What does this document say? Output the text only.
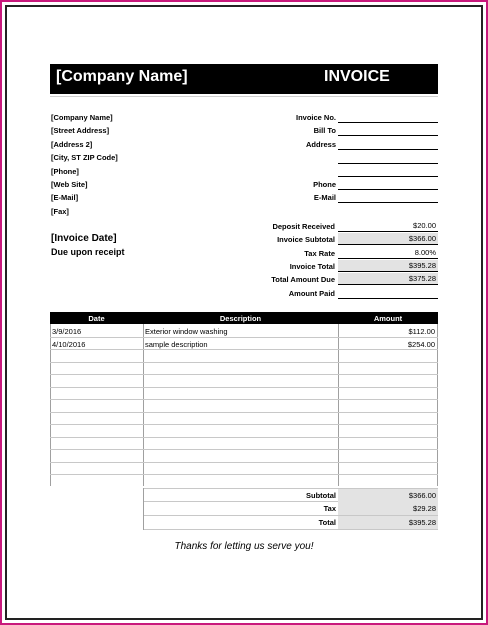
[Company Name]	INVOICE
[Company Name]
[Street Address]
[Address 2]
[City, ST ZIP Code]
[Phone]
[Web Site]
[E-Mail]
[Fax]
Invoice No.
Bill To
Address
Phone
E-Mail
[Invoice Date]
Due upon receipt
Deposit Received	$20.00
Invoice Subtotal	$366.00
Tax Rate	8.00%
Invoice Total	$395.28
Total Amount Due	$375.28
Amount Paid
Date	Description	Amount
3/9/2016	Exterior window washing	$112.00
4/10/2016	sample description	$254.00
Subtotal	$366.00
Tax	$29.28
Total	$395.28
Thanks for letting us serve you!
